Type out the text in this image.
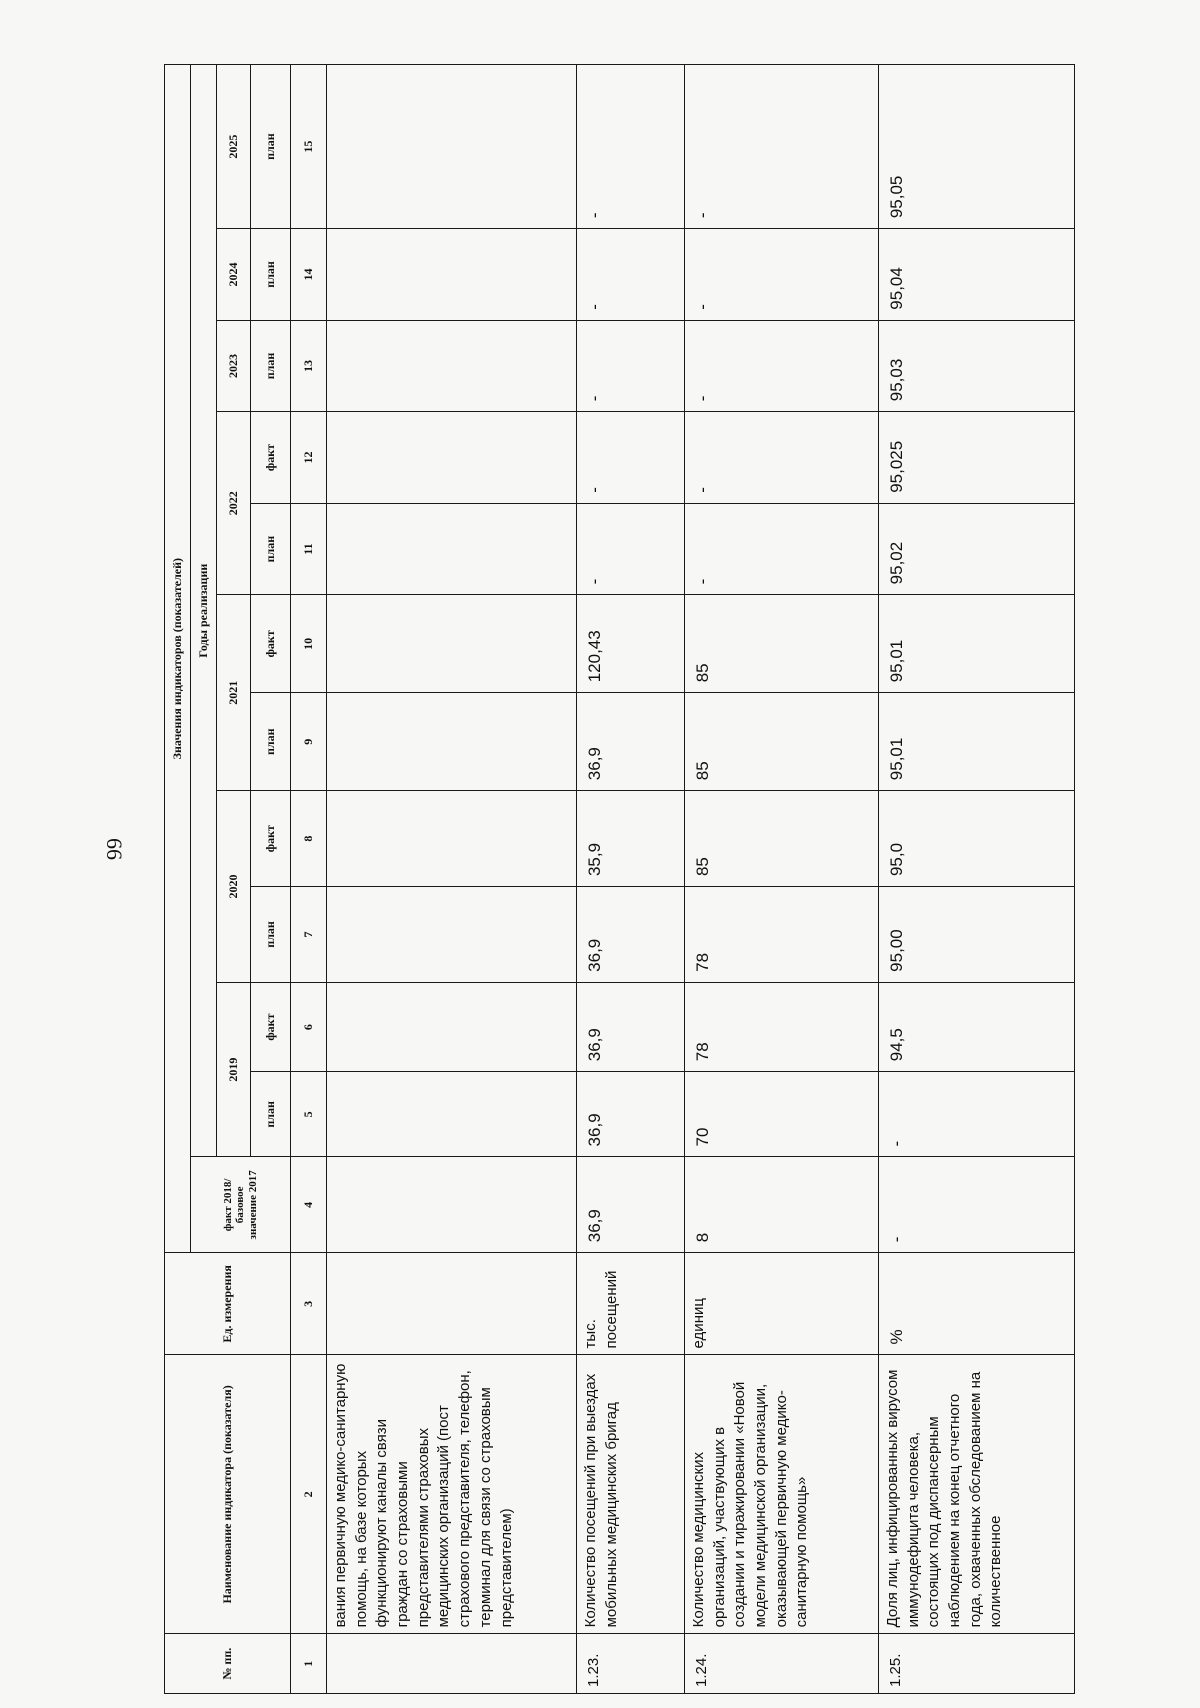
66
№ пп.	Наименование индикатора (показателя)	Ед. измерения	Значения индикаторов (показателей)											
			факт 2018/базовое значение 2017	Годы реализации										
				2019		2020		2021		2022		2023	2024	2025
				план	факт	план	факт	план	факт	план	факт	план	план	план
1	2	3	4	5	6	7	8	9	10	11	12	13	14	15
	вания первичную медико-санитарную помощь, на базе которых функционируют каналы связи граждан со страховыми представителями страховых медицинских организаций (пост страхового представителя, телефон, терминал для связи со страховым представителем)													
1.23.	Количество посещений при выездах мобильных медицинских бригад	тыс. посещений	36,9	36,9	36,9	36,9	35,9	36,9	120,43	-	-	-	-	-
1.24.	Количество медицинских организаций, участвующих в создании и тиражировании «Новой модели медицинской организации, оказывающей первичную медико-санитарную помощь»	единиц	8	70	78	78	85	85	85	-	-	-	-	-
1.25.	Доля лиц, инфицированных вирусом иммунодефицита человека, состоящих под диспансерным наблюдением на конец отчетного года, охваченных обследованием на количественное	%	-	-	94,5	95,00	95,0	95,01	95,01	95,02	95,025	95,03	95,04	95,05
